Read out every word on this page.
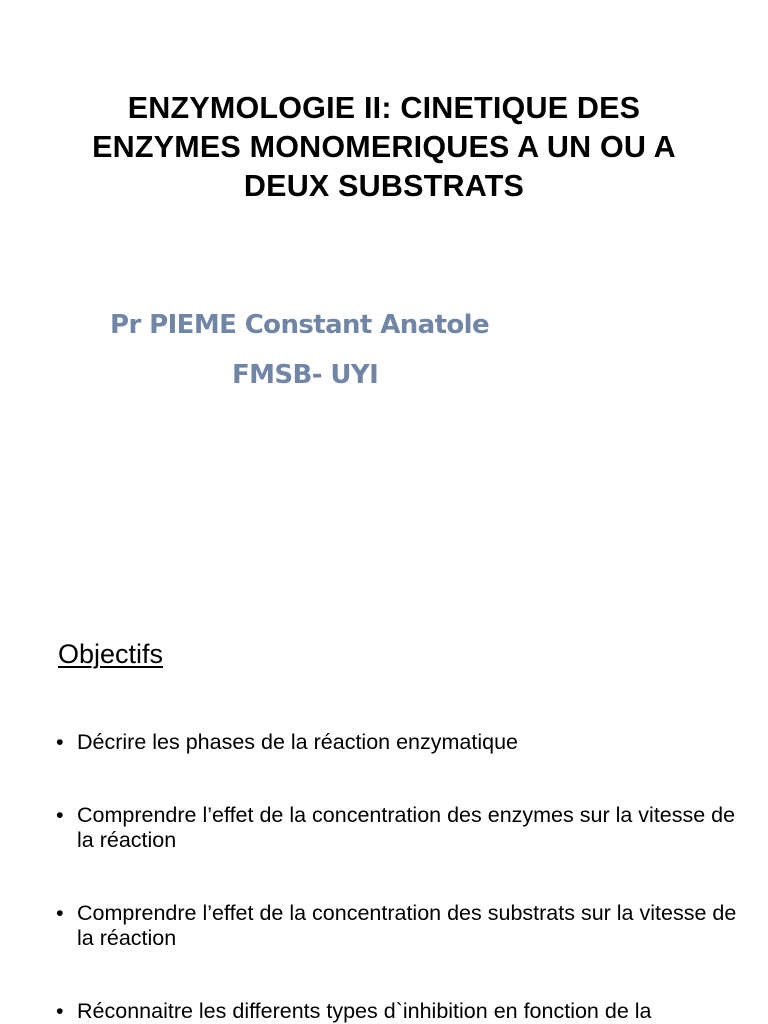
ENZYMOLOGIE II: CINETIQUE DES
ENZYMES MONOMERIQUES A UN OU A
DEUX SUBSTRATS
Pr PIEME Constant Anatole
FMSB- UYI
Objectifs
• Décrire les phases de la réaction enzymatique
• Comprendre l’effet de la concentration des enzymes sur la vitesse de la réaction
• Comprendre l’effet de la concentration des substrats sur la vitesse de la réaction
• Réconnaitre les differents types d`inhibition en fonction de la
